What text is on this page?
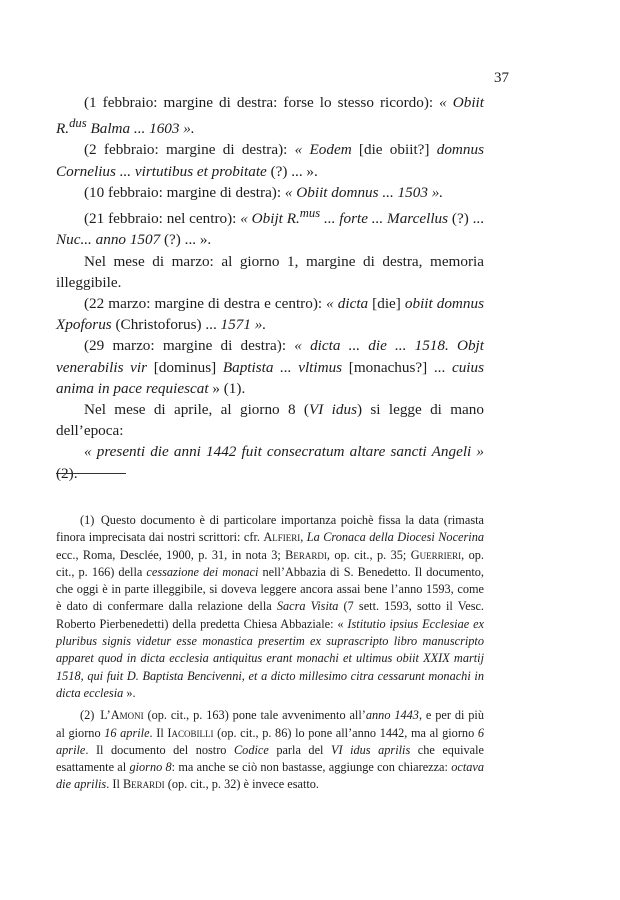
37

(1 febbraio: margine di destra: forse lo stesso ricordo): « Obiit R.$^{dus}$ Balma ... 1603 ».

(2 febbraio: margine di destra): « Eodem [die obiit?] domnus Cornelius ... virtutibus et probitate (?) ... ».

(10 febbraio: margine di destra): « Obiit domnus ... 1503 ».

(21 febbraio: nel centro): « Obijt R.$^{mus}$ ... forte ... Marcellus (?) ... Nuc... anno 1507 (?) ... ».

Nel mese di marzo: al giorno 1, margine di destra, memoria illeggibile.

(22 marzo: margine di destra e centro): « dicta [die] obiit domnus Xpoforus (Christoforus) ... 1571 ».

(29 marzo: margine di destra): « dicta ... die ... 1518. Objt venerabilis vir [dominus] Baptista ... vltimus [monachus?] ... cuius anima in pace requiescat » (1).

Nel mese di aprile, al giorno 8 (VI idus) si legge di mano dell’epoca:

« presenti die anni 1442 fuit consecratum altare sancti Angeli » (2).

(1) Questo documento è di particolare importanza poichè fissa la data (rimasta finora imprecisata dai nostri scrittori: cfr. Alfieri, La Cronaca della Diocesi Nocerina ecc., Roma, Desclée, 1900, p. 31, in nota 3; Berardi, op. cit., p. 35; Guerrieri, op. cit., p. 166) della cessazione dei monaci nell’Abbazia di S. Benedetto. Il documento, che oggi è in parte illeggibile, si doveva leggere ancora assai bene l’anno 1593, come è dato di confermare dalla relazione della Sacra Visita (7 sett. 1593, sotto il Vesc. Roberto Pierbenedetti) della predetta Chiesa Abbaziale: « Istitutio ipsius Ecclesiae ex pluribus signis videtur esse monastica presertim ex suprascripto libro manuscripto apparet quod in dicta ecclesia antiquitus erant monachi et ultimus obiit XXIX martij 1518, qui fuit D. Baptista Bencivenni, et a dicto millesimo citra cessarunt monachi in dicta ecclesia ».

(2) L’Amoni (op. cit., p. 163) pone tale avvenimento all’anno 1443, e per di più al giorno 16 aprile. Il Iacobilli (op. cit., p. 86) lo pone all’anno 1442, ma al giorno 6 aprile. Il documento del nostro Codice parla del VI idus aprilis che equivale esattamente al giorno 8: ma anche se ciò non bastasse, aggiunge con chiarezza: octava die aprilis. Il Berardi (op. cit., p. 32) è invece esatto.
